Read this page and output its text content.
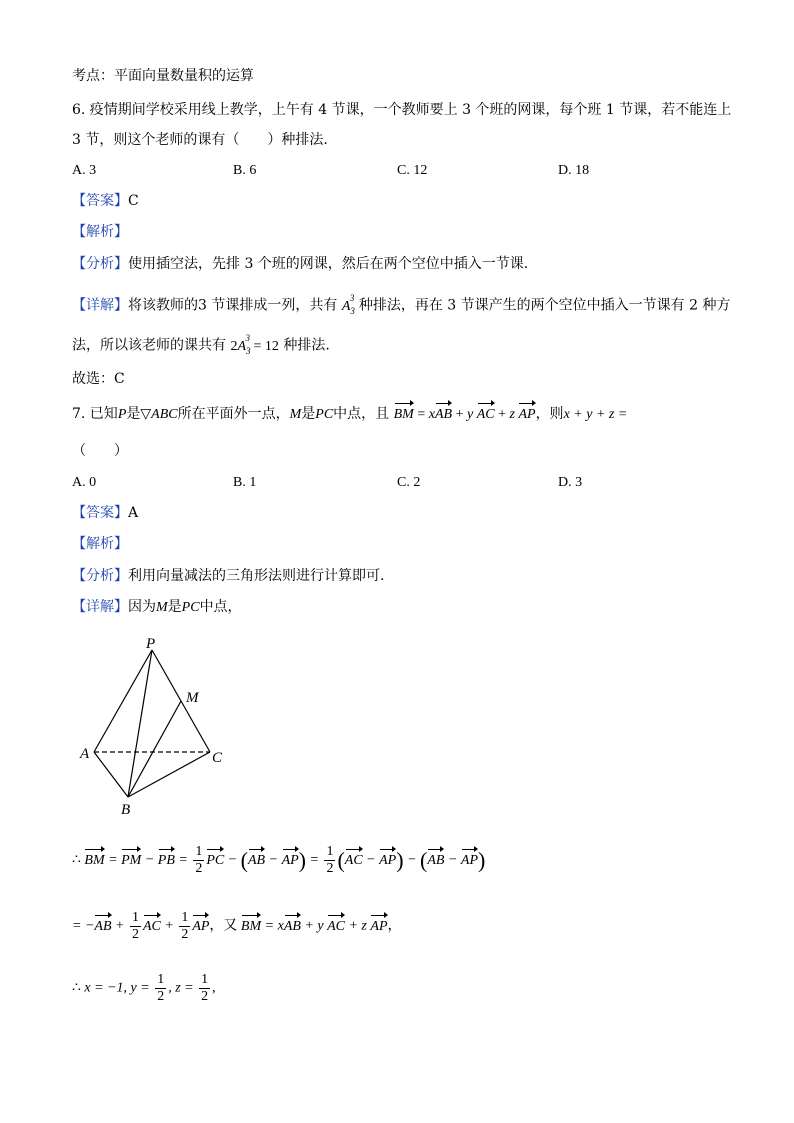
考点：平面向量数量积的运算
6. 疫情期间学校采用线上教学，上午有 4 节课，一个教师要上 3 个班的网课，每个班 1 节课，若不能连上
3 节，则这个老师的课有（　　）种排法.
A. 3	B. 6	C. 12	D. 18
【答案】C
【解析】
【分析】使用插空法，先排 3 个班的网课，然后在两个空位中插入一节课.
【详解】将该教师的3 节课排成一列，共有 $A_3^3$ 种排法，再在 3 节课产生的两个空位中插入一节课有 2 种方
法，所以该老师的课共有 $2A_3^3 = 12$ 种排法.
故选：C
7. 已知P是▽ABC所在平面外一点，M是PC中点，且 BM = xAB + y AC + z AP，则x + y + z =
（　　）
A. 0	B. 1	C. 2	D. 3
【答案】A
【解析】
【分析】利用向量减法的三角形法则进行计算即可.
【详解】因为M是PC中点，
P
M
A
B
C
∴ BM = PM − PB = $\frac{1}{2}$ PC − $(AB - AP) = \frac{1}{2} (AC - AP) - (AB - AP)$
= $-AB + \frac{1}{2}$ AC + $\frac{1}{2}$ AP，又 BM = xAB + y AC + z AP，
∴ x = −1, $y = \frac{1}{2}$ , $z = \frac{1}{2}$ ,
